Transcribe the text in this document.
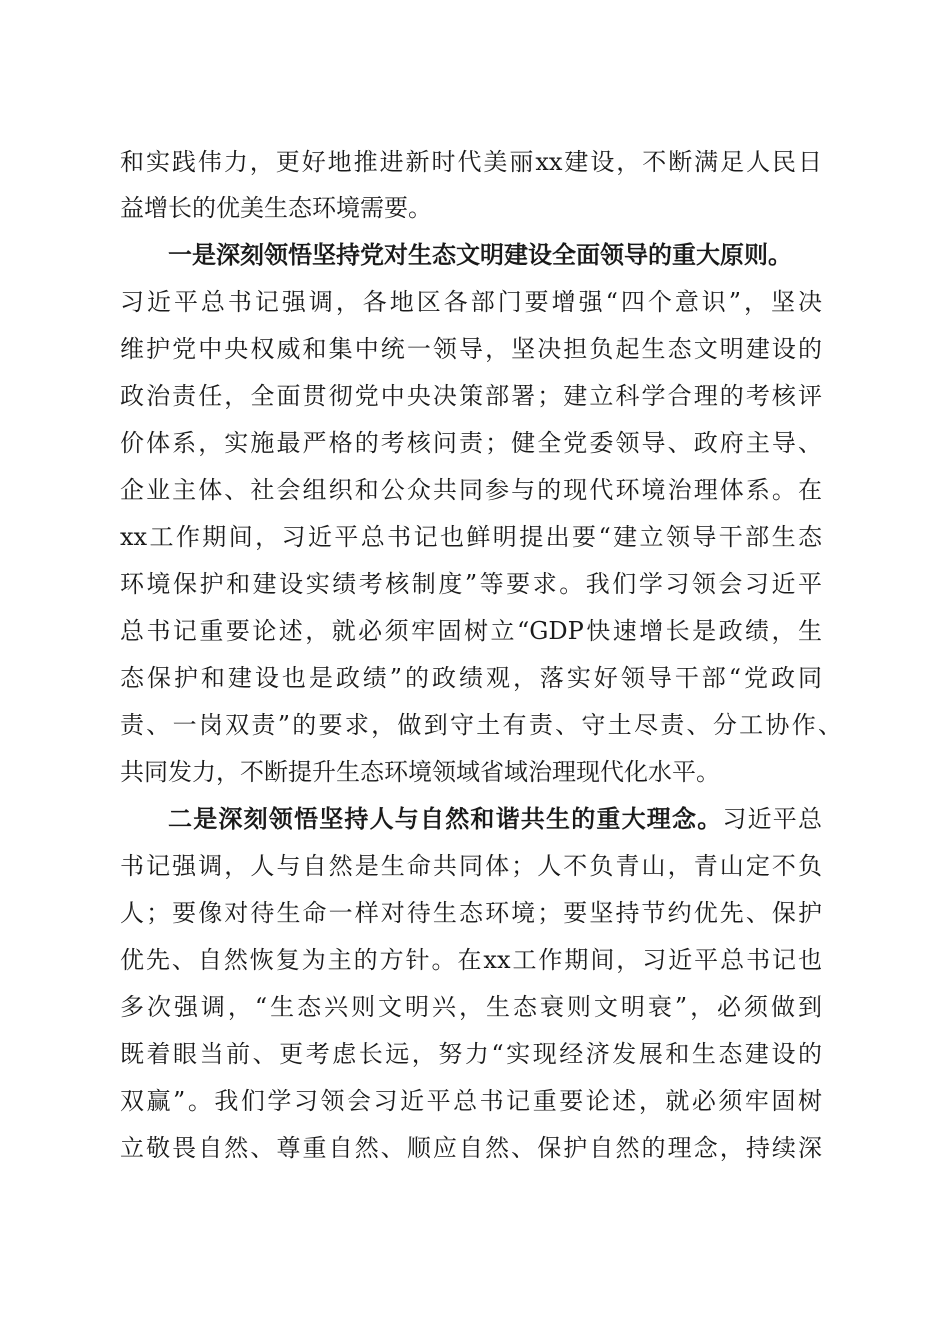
和实践伟力，更好地推进新时代美丽xx建设，不断满足人民日

益增长的优美生态环境需要。

一是深刻领悟坚持党对生态文明建设全面领导的重大原则。

习近平总书记强调，各地区各部门要增强“四个意识”，坚决

维护党中央权威和集中统一领导，坚决担负起生态文明建设的

政治责任，全面贯彻党中央决策部署；建立科学合理的考核评

价体系，实施最严格的考核问责；健全党委领导、政府主导、

企业主体、社会组织和公众共同参与的现代环境治理体系。在

xx工作期间，习近平总书记也鲜明提出要“建立领导干部生态

环境保护和建设实绩考核制度”等要求。我们学习领会习近平

总书记重要论述，就必须牢固树立“GDP快速增长是政绩，生

态保护和建设也是政绩”的政绩观，落实好领导干部“党政同

责、一岗双责”的要求，做到守土有责、守土尽责、分工协作、

共同发力，不断提升生态环境领域省域治理现代化水平。

二是深刻领悟坚持人与自然和谐共生的重大理念。习近平总

书记强调，人与自然是生命共同体；人不负青山，青山定不负

人；要像对待生命一样对待生态环境；要坚持节约优先、保护

优先、自然恢复为主的方针。在xx工作期间，习近平总书记也

多次强调，“生态兴则文明兴，生态衰则文明衰”，必须做到

既着眼当前、更考虑长远，努力“实现经济发展和生态建设的

双赢”。我们学习领会习近平总书记重要论述，就必须牢固树

立敬畏自然、尊重自然、顺应自然、保护自然的理念，持续深
